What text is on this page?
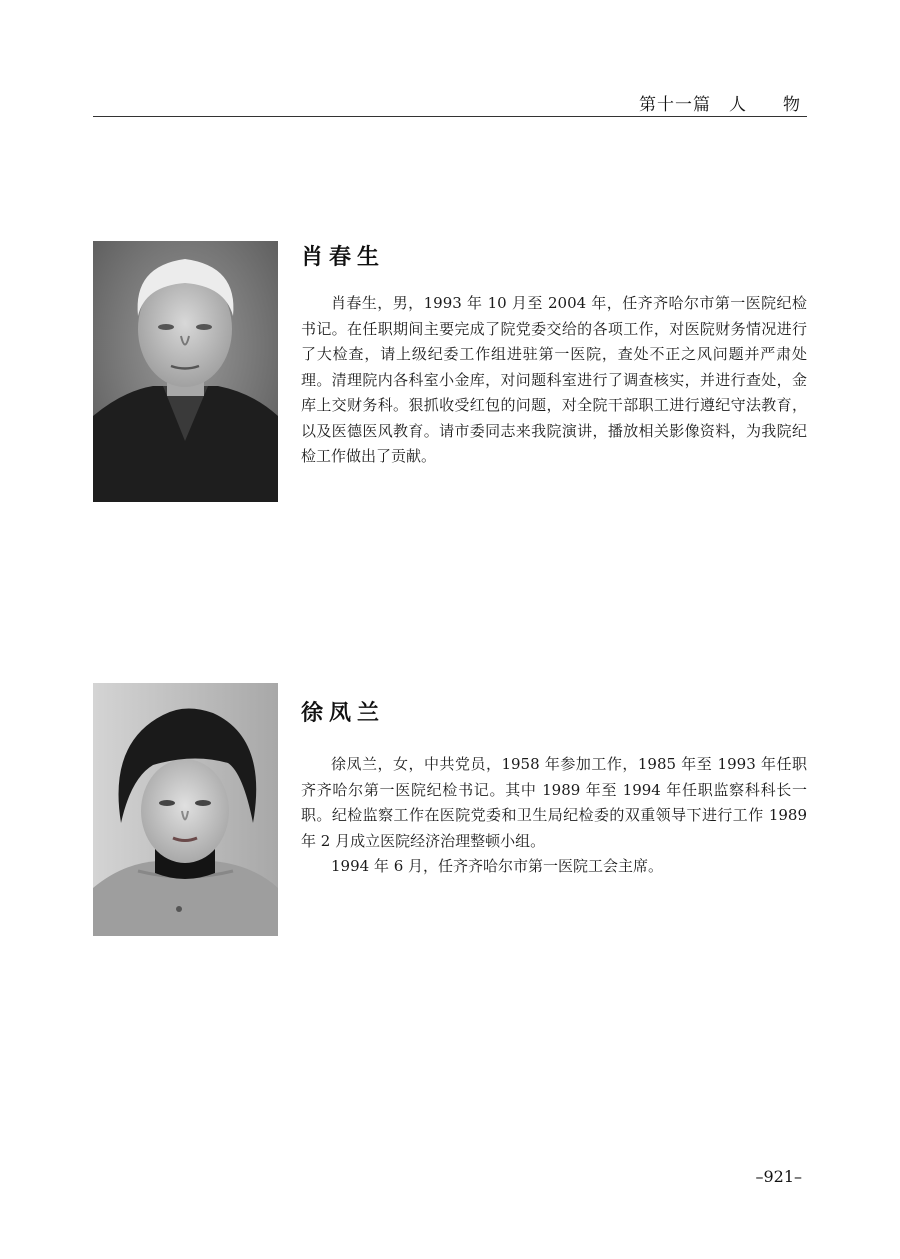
第十一篇　人　　物
肖春生

肖春生，男，1993 年 10 月至 2004 年，任齐齐哈尔市第一医院纪检书记。在任职期间主要完成了院党委交给的各项工作，对医院财务情况进行了大检查，请上级纪委工作组进驻第一医院，查处不正之风问题并严肃处理。清理院内各科室小金库，对问题科室进行了调查核实，并进行查处，金库上交财务科。狠抓收受红包的问题，对全院干部职工进行遵纪守法教育，以及医德医风教育。请市委同志来我院演讲，播放相关影像资料，为我院纪检工作做出了贡献。

徐凤兰

徐凤兰，女，中共党员，1958 年参加工作，1985 年至 1993 年任职齐齐哈尔第一医院纪检书记。其中 1989 年至 1994 年任职监察科科长一职。纪检监察工作在医院党委和卫生局纪检委的双重领导下进行工作 1989 年 2 月成立医院经济治理整顿小组。

1994 年 6 月，任齐齐哈尔市第一医院工会主席。

–921–
